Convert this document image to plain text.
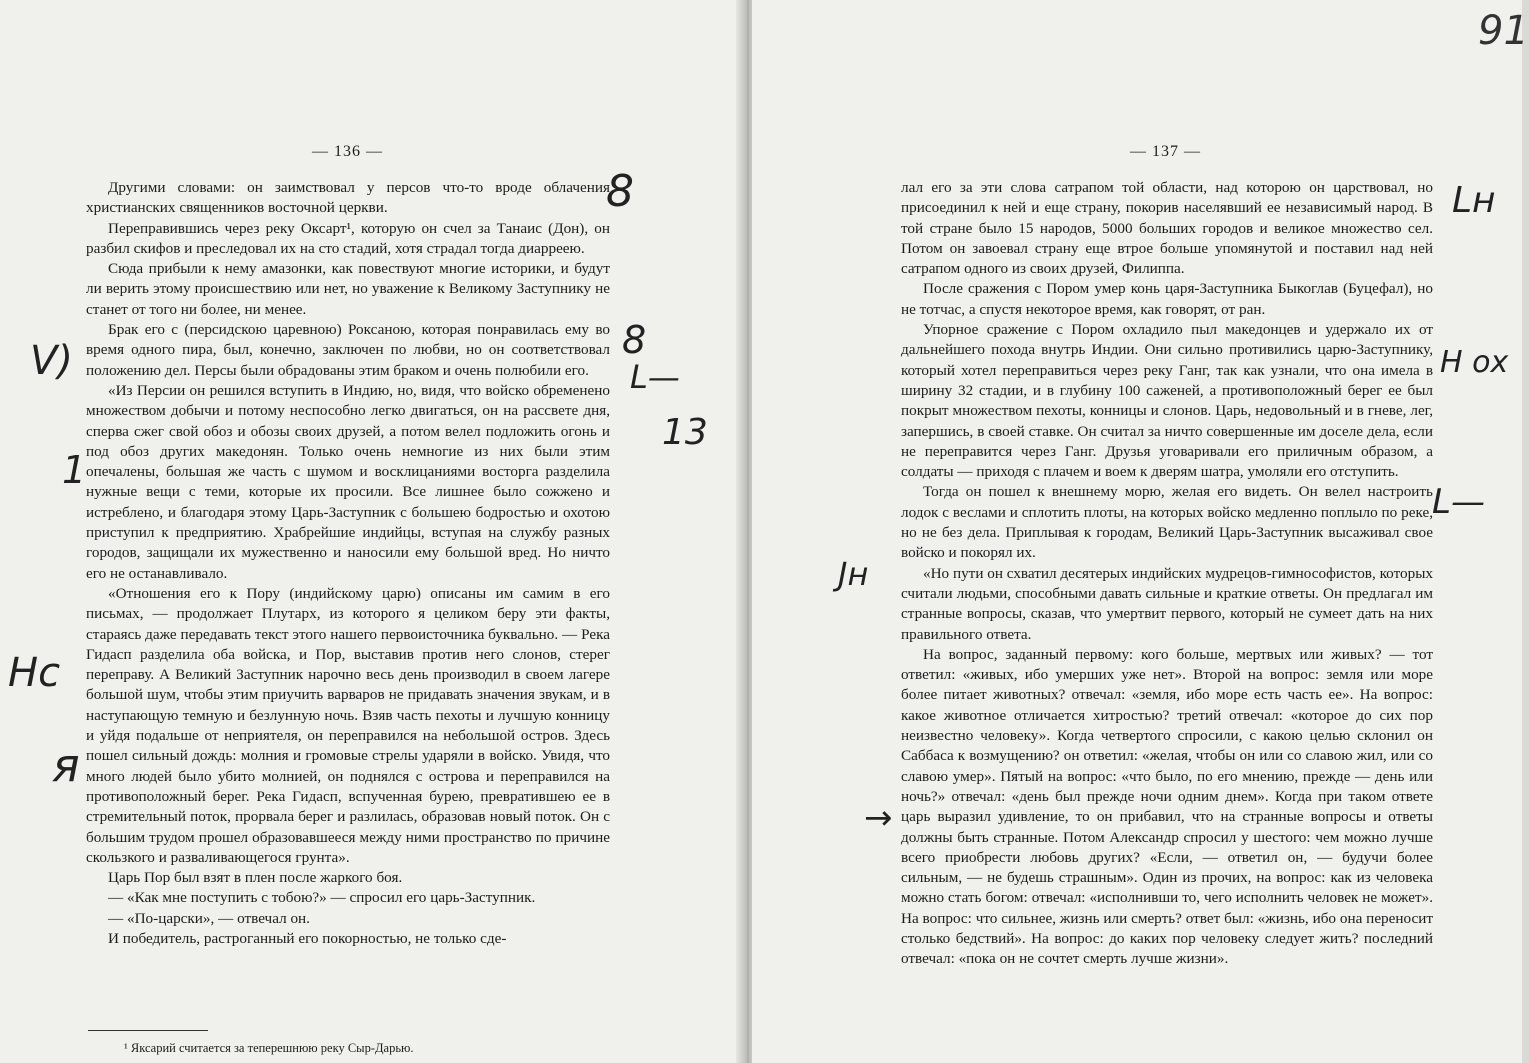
— 136 —

Другими словами: он заимствовал у персов что-то вроде облачения христианских священников восточной церкви.

Переправившись через реку Оксарт¹, которую он счел за Танаис (Дон), он разбил скифов и преследовал их на сто стадий, хотя страдал тогда диарреею.

Сюда прибыли к нему амазонки, как повествуют многие историки, и будут ли верить этому происшествию или нет, но уважение к Великому Заступнику не станет от того ни более, ни менее.

Брак его с (персидскою царевною) Роксаною, которая понравилась ему во время одного пира, был, конечно, заключен по любви, но он соответствовал положению дел. Персы были обрадованы этим браком и очень полюбили его.

«Из Персии он решился вступить в Индию, но, видя, что войско обременено множеством добычи и потому неспособно легко двигаться, он на рассвете дня, сперва сжег свой обоз и обозы своих друзей, а потом велел подложить огонь и под обоз других македонян. Только очень немногие из них были этим опечалены, большая же часть с шумом и восклицаниями восторга разделила нужные вещи с теми, которые их просили. Все лишнее было сожжено и истреблено, и благодаря этому Царь-Заступник с большею бодростью и охотою приступил к предприятию. Храбрейшие индийцы, вступая на службу разных городов, защищали их мужественно и наносили ему большой вред. Но ничто его не останавливало.

«Отношения его к Пору (индийскому царю) описаны им самим в его письмах, — продолжает Плутарх, из которого я целиком беру эти факты, стараясь даже передавать текст этого нашего первоисточника буквально. — Река Гидасп разделила оба войска, и Пор, выставив против него слонов, стерег переправу. А Великий Заступник нарочно весь день производил в своем лагере большой шум, чтобы этим приучить варваров не придавать значения звукам, и в наступающую темную и безлунную ночь. Взяв часть пехоты и лучшую конницу и уйдя подальше от неприятеля, он переправился на небольшой остров. Здесь пошел сильный дождь: молния и громовые стрелы ударяли в войско. Увидя, что много людей было убито молнией, он поднялся с острова и переправился на противоположный берег. Река Гидасп, вспученная бурею, превратившею ее в стремительный поток, прорвала берег и разлилась, образовав новый поток. Он с большим трудом прошел образовавшееся между ними пространство по причине скользкого и разваливающегося грунта».

Царь Пор был взят в плен после жаркого боя.

— «Как мне поступить с тобою?» — спросил его царь-Заступник.

— «По-царски», — отвечал он.

И победитель, растроганный его покорностью, не только сде-

¹ Яксарий считается за теперешнюю реку Сыр-Дарью.
8
V)	8
L—
13
1
Hc
я
— 137 —

лал его за эти слова сатрапом той области, над которою он царствовал, но присоединил к ней и еще страну, покорив населявший ее независимый народ. В той стране было 15 народов, 5000 больших городов и великое множество сел. Потом он завоевал страну еще втрое больше упомянутой и поставил над ней сатрапом одного из своих друзей, Филиппа.

После сражения с Пором умер конь царя-Заступника Быкоглав (Буцефал), но не тотчас, а спустя некоторое время, как говорят, от ран.

Упорное сражение с Пором охладило пыл македонцев и удержало их от дальнейшего похода внутрь Индии. Они сильно противились царю-Заступнику, который хотел переправиться через реку Ганг, так как узнали, что она имела в ширину 32 стадии, и в глубину 100 саженей, а противоположный берег ее был покрыт множеством пехоты, конницы и слонов. Царь, недовольный и в гневе, лег, запершись, в своей ставке. Он считал за ничто совершенные им доселе дела, если не переправится через Ганг. Друзья уговаривали его приличным образом, а солдаты — приходя с плачем и воем к дверям шатра, умоляли его отступить.

Тогда он пошел к внешнему морю, желая его видеть. Он велел настроить лодок с веслами и сплотить плоты, на которых войско медленно поплыло по реке, но не без дела. Приплывая к городам, Великий Царь-Заступник высаживал свое войско и покорял их.

«Но пути он схватил десятерых индийских мудрецов-гимнософистов, которых считали людьми, способными давать сильные и краткие ответы. Он предлагал им странные вопросы, сказав, что умертвит первого, который не сумеет дать на них правильного ответа.

На вопрос, заданный первому: кого больше, мертвых или живых? — тот ответил: «живых, ибо умерших уже нет». Второй на вопрос: земля или море более питает животных? отвечал: «земля, ибо море есть часть ее». На вопрос: какое животное отличается хитростью? третий отвечал: «которое до сих пор неизвестно человеку». Когда четвертого спросили, с какою целью склонил он Саббаса к возмущению? он ответил: «желая, чтобы он или со славою жил, или со славою умер». Пятый на вопрос: «что было, по его мнению, прежде — день или ночь?» отвечал: «день был прежде ночи одним днем». Когда при таком ответе царь выразил удивление, то он прибавил, что на странные вопросы и ответы должны быть странные. Потом Александр спросил у шестого: чем можно лучше всего приобрести любовь других? «Если, — ответил он, — будучи более сильным, — не будешь страшным». Один из прочих, на вопрос: как из человека можно стать богом: отвечал: «исполнивши то, чего исполнить человек не может». На вопрос: что сильнее, жизнь или смерть? ответ был: «жизнь, ибо она переносит столько бедствий». На вопрос: до каких пор человеку следует жить? последний отвечал: «пока он не сочтет смерть лучше жизни».

Lн
H ох
L—
Jн
→
91
